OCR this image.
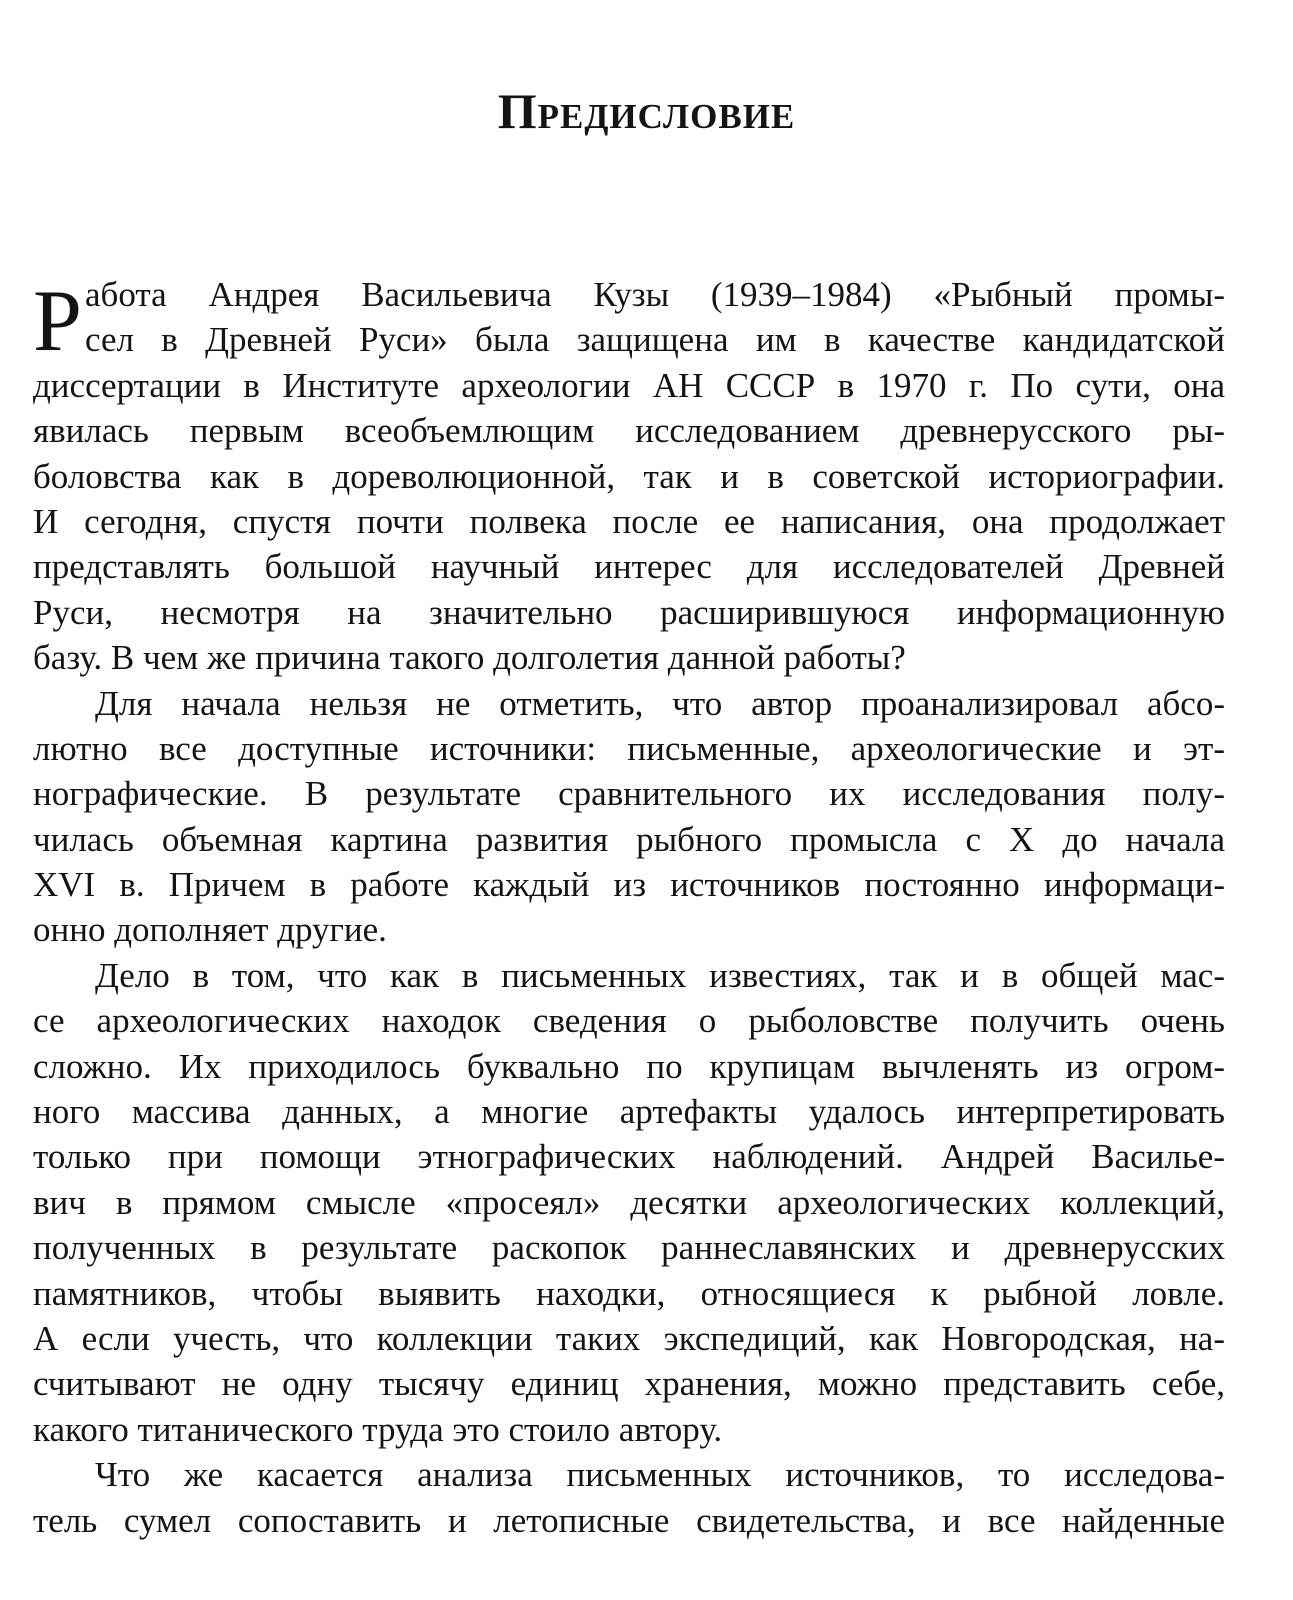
Предисловие
Р абота Андрея Васильевича Кузы (1939–1984) «Рыбный промы-
сел в Древней Руси» была защищена им в качестве кандидатской
диссертации в Институте археологии АН СССР в 1970 г. По сути, она
явилась первым всеобъемлющим исследованием древнерусского ры-
боловства как в дореволюционной, так и в советской историографии.
И сегодня, спустя почти полвека после ее написания, она продолжает
представлять большой научный интерес для исследователей Древней
Руси, несмотря на значительно расширившуюся информационную
базу. В чем же причина такого долголетия данной работы?
Для начала нельзя не отметить, что автор проанализировал абсо-
лютно все доступные источники: письменные, археологические и эт-
нографические. В результате сравнительного их исследования полу-
чилась объемная картина развития рыбного промысла с X до начала
XVI в. Причем в работе каждый из источников постоянно информаци-
онно дополняет другие.
Дело в том, что как в письменных известиях, так и в общей мас-
се археологических находок сведения о рыболовстве получить очень
сложно. Их приходилось буквально по крупицам вычленять из огром-
ного массива данных, а многие артефакты удалось интерпретировать
только при помощи этнографических наблюдений. Андрей Василье-
вич в прямом смысле «просеял» десятки археологических коллекций,
полученных в результате раскопок раннеславянских и древнерусских
памятников, чтобы выявить находки, относящиеся к рыбной ловле.
А если учесть, что коллекции таких экспедиций, как Новгородская, на-
считывают не одну тысячу единиц хранения, можно представить себе,
какого титанического труда это стоило автору.
Что же касается анализа письменных источников, то исследова-
тель сумел сопоставить и летописные свидетельства, и все найденные
